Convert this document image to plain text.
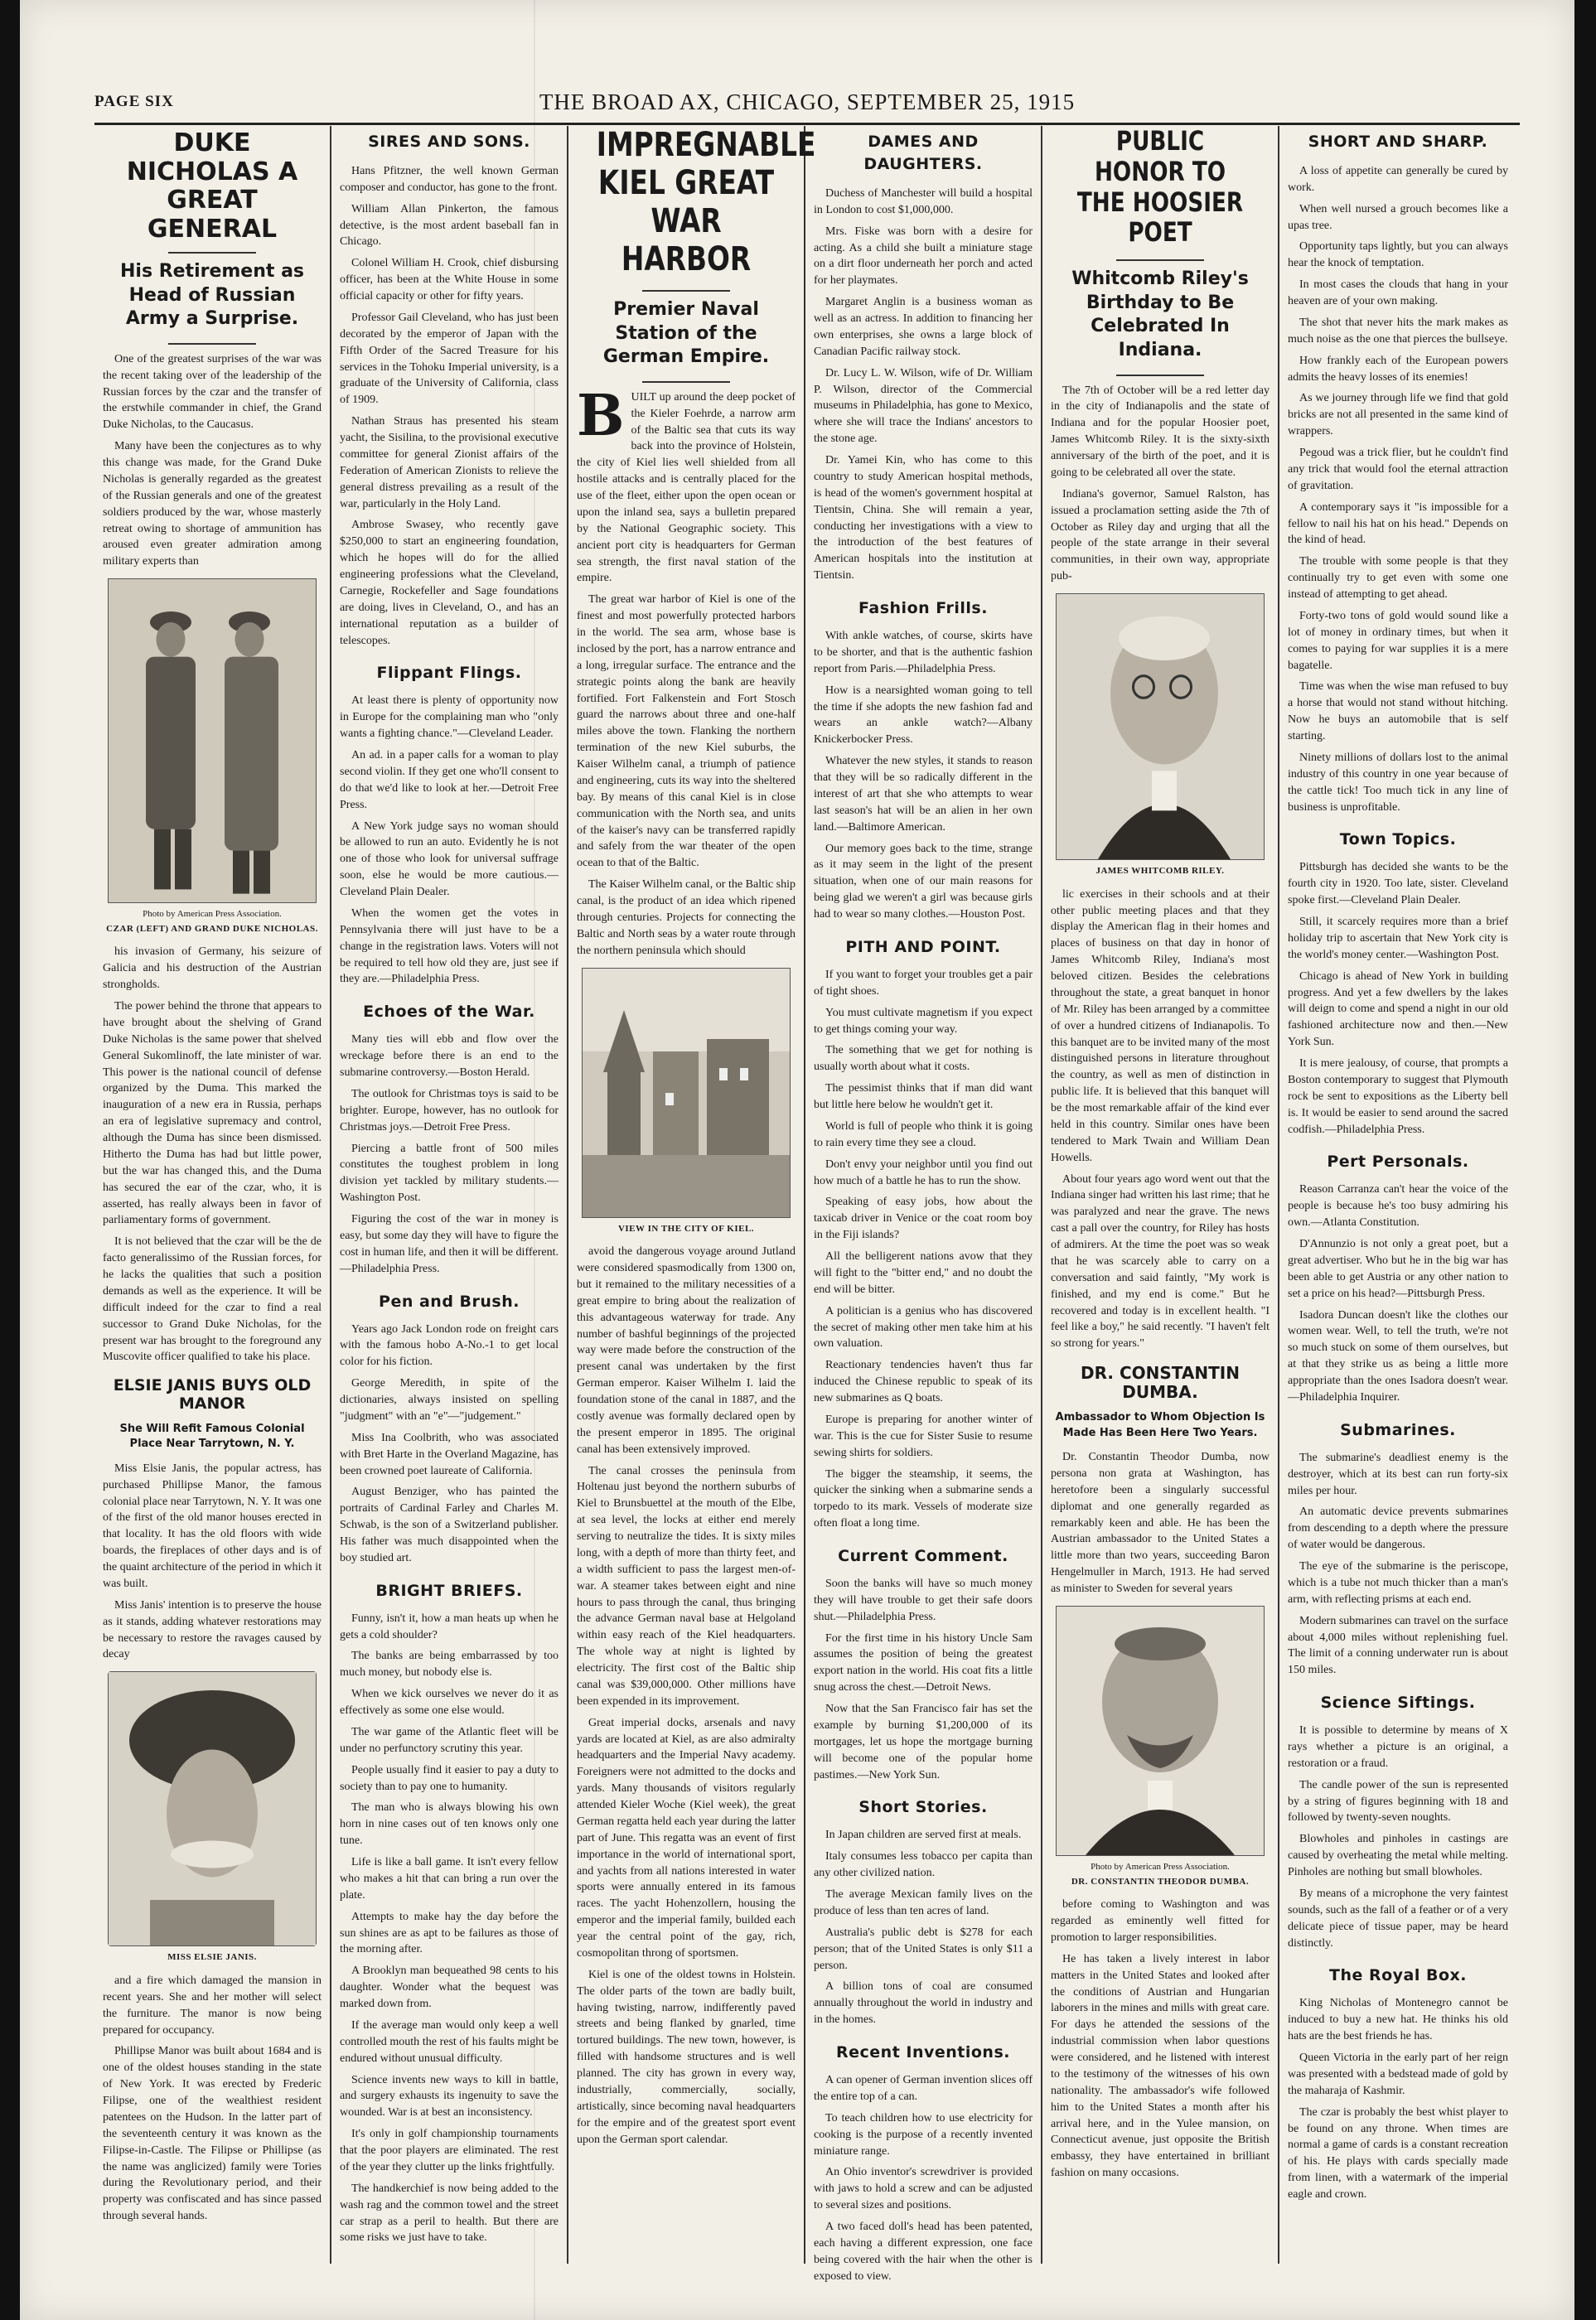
PAGE SIX	THE BROAD AX, CHICAGO, SEPTEMBER 25, 1915
DUKE NICHOLAS A GREAT GENERAL
His Retirement as Head of Russian Army a Surprise.

One of the greatest surprises of the war was the recent taking over of the leadership of the Russian forces by the czar and the transfer of the erstwhile commander in chief, the Grand Duke Nicholas, to the Caucasus.

Many have been the conjectures as to why this change was made, for the Grand Duke Nicholas is generally regarded as the greatest of the Russian generals and one of the greatest soldiers produced by the war, whose masterly retreat owing to shortage of ammunition has aroused even greater admiration among military experts than

Photo by American Press Association.
CZAR (LEFT) AND GRAND DUKE NICHOLAS.

his invasion of Germany, his seizure of Galicia and his destruction of the Austrian strongholds.

The power behind the throne that appears to have brought about the shelving of Grand Duke Nicholas is the same power that shelved General Sukomlinoff, the late minister of war. This power is the national council of defense organized by the Duma. This marked the inauguration of a new era in Russia, perhaps an era of legislative supremacy and control, although the Duma has since been dismissed. Hitherto the Duma has had but little power, but the war has changed this, and the Duma has secured the ear of the czar, who, it is asserted, has really always been in favor of parliamentary forms of government.

It is not believed that the czar will be the de facto generalissimo of the Russian forces, for he lacks the qualities that such a position demands as well as the experience. It will be difficult indeed for the czar to find a real successor to Grand Duke Nicholas, for the present war has brought to the foreground any Muscovite officer qualified to take his place.

ELSIE JANIS BUYS OLD MANOR
She Will Refit Famous Colonial Place Near Tarrytown, N. Y.

Miss Elsie Janis, the popular actress, has purchased Phillipse Manor, the famous colonial place near Tarrytown, N. Y. It was one of the first of the old manor houses erected in that locality. It has the old floors with wide boards, the fireplaces of other days and is of the quaint architecture of the period in which it was built.

Miss Janis' intention is to preserve the house as it stands, adding whatever restorations may be necessary to restore the ravages caused by decay

MISS ELSIE JANIS.

and a fire which damaged the mansion in recent years. She and her mother will select the furniture. The manor is now being prepared for occupancy.

Phillipse Manor was built about 1684 and is one of the oldest houses standing in the state of New York. It was erected by Frederic Filipse, one of the wealthiest resident patentees on the Hudson. In the latter part of the seventeenth century it was known as the Filipse-in-Castle. The Filipse or Phillipse (as the name was anglicized) family were Tories during the Revolutionary period, and their property was confiscated and has since passed through several hands.

SIRES AND SONS.

Hans Pfitzner, the well known German composer and conductor, has gone to the front.

William Allan Pinkerton, the famous detective, is the most ardent baseball fan in Chicago.

Colonel William H. Crook, chief disbursing officer, has been at the White House in some official capacity or other for fifty years.

Professor Gail Cleveland, who has just been decorated by the emperor of Japan with the Fifth Order of the Sacred Treasure for his services in the Tohoku Imperial university, is a graduate of the University of California, class of 1909.

Nathan Straus has presented his steam yacht, the Sisilina, to the provisional executive committee for general Zionist affairs of the Federation of American Zionists to relieve the general distress prevailing as a result of the war, particularly in the Holy Land.

Ambrose Swasey, who recently gave $250,000 to start an engineering foundation, which he hopes will do for the allied engineering professions what the Cleveland, Carnegie, Rockefeller and Sage foundations are doing, lives in Cleveland, O., and has an international reputation as a builder of telescopes.

Flippant Flings.

At least there is plenty of opportunity now in Europe for the complaining man who "only wants a fighting chance."—Cleveland Leader.

An ad. in a paper calls for a woman to play second violin. If they get one who'll consent to do that we'd like to look at her.—Detroit Free Press.

A New York judge says no woman should be allowed to run an auto. Evidently he is not one of those who look for universal suffrage soon, else he would be more cautious.—Cleveland Plain Dealer.

When the women get the votes in Pennsylvania there will just have to be a change in the registration laws. Voters will not be required to tell how old they are, just see if they are.—Philadelphia Press.

Echoes of the War.

Many ties will ebb and flow over the wreckage before there is an end to the submarine controversy.—Boston Herald.

The outlook for Christmas toys is said to be brighter. Europe, however, has no outlook for Christmas joys.—Detroit Free Press.

Piercing a battle front of 500 miles constitutes the toughest problem in long division yet tackled by military students.—Washington Post.

Figuring the cost of the war in money is easy, but some day they will have to figure the cost in human life, and then it will be different.—Philadelphia Press.

Pen and Brush.

Years ago Jack London rode on freight cars with the famous hobo A-No.-1 to get local color for his fiction.

George Meredith, in spite of the dictionaries, always insisted on spelling "judgment" with an "e"—"judgement."

Miss Ina Coolbrith, who was associated with Bret Harte in the Overland Magazine, has been crowned poet laureate of California.

August Benziger, who has painted the portraits of Cardinal Farley and Charles M. Schwab, is the son of a Switzerland publisher. His father was much disappointed when the boy studied art.

BRIGHT BRIEFS.

Funny, isn't it, how a man heats up when he gets a cold shoulder?

The banks are being embarrassed by too much money, but nobody else is.

When we kick ourselves we never do it as effectively as some one else would.

The war game of the Atlantic fleet will be under no perfunctory scrutiny this year.

People usually find it easier to pay a duty to society than to pay one to humanity.

The man who is always blowing his own horn in nine cases out of ten knows only one tune.

Life is like a ball game. It isn't every fellow who makes a hit that can bring a run over the plate.

Attempts to make hay the day before the sun shines are as apt to be failures as those of the morning after.

A Brooklyn man bequeathed 98 cents to his daughter. Wonder what the bequest was marked down from.

If the average man would only keep a well controlled mouth the rest of his faults might be endured without unusual difficulty.

Science invents new ways to kill in battle, and surgery exhausts its ingenuity to save the wounded. War is at best an inconsistency.

It's only in golf championship tournaments that the poor players are eliminated. The rest of the year they clutter up the links frightfully.

The handkerchief is now being added to the wash rag and the common towel and the street car strap as a peril to health. But there are some risks we just have to take.

IMPREGNABLE KIEL GREAT WAR HARBOR
Premier Naval Station of the German Empire.
B UILT up around the deep pocket of the Kieler Foehrde, a narrow arm of the Baltic sea that cuts its way back into the province of Holstein, the city of Kiel lies well shielded from all hostile attacks and is centrally placed for the use of the fleet, either upon the open ocean or upon the inland sea, says a bulletin prepared by the National Geographic society. This ancient port city is headquarters for German sea strength, the first naval station of the empire.

The great war harbor of Kiel is one of the finest and most powerfully protected harbors in the world. The sea arm, whose base is inclosed by the port, has a narrow entrance and a long, irregular surface. The entrance and the strategic points along the bank are heavily fortified. Fort Falkenstein and Fort Stosch guard the narrows about three and one-half miles above the town. Flanking the northern termination of the new Kiel suburbs, the Kaiser Wilhelm canal, a triumph of patience and engineering, cuts its way into the sheltered bay. By means of this canal Kiel is in close communication with the North sea, and units of the kaiser's navy can be transferred rapidly and safely from the war theater of the open ocean to that of the Baltic.

The Kaiser Wilhelm canal, or the Baltic ship canal, is the product of an idea which ripened through centuries. Projects for connecting the Baltic and North seas by a water route through the northern peninsula which should

VIEW IN THE CITY OF KIEL.

avoid the dangerous voyage around Jutland were considered spasmodically from 1300 on, but it remained to the military necessities of a great empire to bring about the realization of this advantageous waterway for trade. Any number of bashful beginnings of the projected way were made before the construction of the present canal was undertaken by the first German emperor. Kaiser Wilhelm I. laid the foundation stone of the canal in 1887, and the costly avenue was formally declared open by the present emperor in 1895. The original canal has been extensively improved.

The canal crosses the peninsula from Holtenau just beyond the northern suburbs of Kiel to Brunsbuettel at the mouth of the Elbe, at sea level, the locks at either end merely serving to neutralize the tides. It is sixty miles long, with a depth of more than thirty feet, and a width sufficient to pass the largest men-of-war. A steamer takes between eight and nine hours to pass through the canal, thus bringing the advance German naval base at Helgoland within easy reach of the Kiel headquarters. The whole way at night is lighted by electricity. The first cost of the Baltic ship canal was $39,000,000. Other millions have been expended in its improvement.

Great imperial docks, arsenals and navy yards are located at Kiel, as are also admiralty headquarters and the Imperial Navy academy. Foreigners were not admitted to the docks and yards. Many thousands of visitors regularly attended Kieler Woche (Kiel week), the great German regatta held each year during the latter part of June. This regatta was an event of first importance in the world of international sport, and yachts from all nations interested in water sports were annually entered in its famous races. The yacht Hohenzollern, housing the emperor and the imperial family, builded each year the central point of the gay, rich, cosmopolitan throng of sportsmen.

Kiel is one of the oldest towns in Holstein. The older parts of the town are badly built, having twisting, narrow, indifferently paved streets and being flanked by gnarled, time tortured buildings. The new town, however, is filled with handsome structures and is well planned. The city has grown in every way, industrially, commercially, socially, artistically, since becoming naval headquarters for the empire and of the greatest sport event upon the German sport calendar.

DAMES AND DAUGHTERS.

Duchess of Manchester will build a hospital in London to cost $1,000,000.

Mrs. Fiske was born with a desire for acting. As a child she built a miniature stage on a dirt floor underneath her porch and acted for her playmates.

Margaret Anglin is a business woman as well as an actress. In addition to financing her own enterprises, she owns a large block of Canadian Pacific railway stock.

Dr. Lucy L. W. Wilson, wife of Dr. William P. Wilson, director of the Commercial museums in Philadelphia, has gone to Mexico, where she will trace the Indians' ancestors to the stone age.

Dr. Yamei Kin, who has come to this country to study American hospital methods, is head of the women's government hospital at Tientsin, China. She will remain a year, conducting her investigations with a view to the introduction of the best features of American hospitals into the institution at Tientsin.

Fashion Frills.

With ankle watches, of course, skirts have to be shorter, and that is the authentic fashion report from Paris.—Philadelphia Press.

How is a nearsighted woman going to tell the time if she adopts the new fashion fad and wears an ankle watch?—Albany Knickerbocker Press.

Whatever the new styles, it stands to reason that they will be so radically different in the interest of art that she who attempts to wear last season's hat will be an alien in her own land.—Baltimore American.

Our memory goes back to the time, strange as it may seem in the light of the present situation, when one of our main reasons for being glad we weren't a girl was because girls had to wear so many clothes.—Houston Post.

PITH AND POINT.

If you want to forget your troubles get a pair of tight shoes.

You must cultivate magnetism if you expect to get things coming your way.

The something that we get for nothing is usually worth about what it costs.

The pessimist thinks that if man did want but little here below he wouldn't get it.

World is full of people who think it is going to rain every time they see a cloud.

Don't envy your neighbor until you find out how much of a battle he has to run the show.

Speaking of easy jobs, how about the taxicab driver in Venice or the coat room boy in the Fiji islands?

All the belligerent nations avow that they will fight to the "bitter end," and no doubt the end will be bitter.

A politician is a genius who has discovered the secret of making other men take him at his own valuation.

Reactionary tendencies haven't thus far induced the Chinese republic to speak of its new submarines as Q boats.

Europe is preparing for another winter of war. This is the cue for Sister Susie to resume sewing shirts for soldiers.

The bigger the steamship, it seems, the quicker the sinking when a submarine sends a torpedo to its mark. Vessels of moderate size often float a long time.

Current Comment.

Soon the banks will have so much money they will have trouble to get their safe doors shut.—Philadelphia Press.

For the first time in his history Uncle Sam assumes the position of being the greatest export nation in the world. His coat fits a little snug across the chest.—Detroit News.

Now that the San Francisco fair has set the example by burning $1,200,000 of its mortgages, let us hope the mortgage burning will become one of the popular home pastimes.—New York Sun.

Short Stories.

In Japan children are served first at meals.

Italy consumes less tobacco per capita than any other civilized nation.

The average Mexican family lives on the produce of less than ten acres of land.

Australia's public debt is $278 for each person; that of the United States is only $11 a person.

A billion tons of coal are consumed annually throughout the world in industry and in the homes.

Recent Inventions.

A can opener of German invention slices off the entire top of a can.

To teach children how to use electricity for cooking is the purpose of a recently invented miniature range.

An Ohio inventor's screwdriver is provided with jaws to hold a screw and can be adjusted to several sizes and positions.

A two faced doll's head has been patented, each having a different expression, one face being covered with the hair when the other is exposed to view.

PUBLIC HONOR TO THE HOOSIER POET
Whitcomb Riley's Birthday to Be Celebrated In Indiana.

The 7th of October will be a red letter day in the city of Indianapolis and the state of Indiana and for the popular Hoosier poet, James Whitcomb Riley. It is the sixty-sixth anniversary of the birth of the poet, and it is going to be celebrated all over the state.

Indiana's governor, Samuel Ralston, has issued a proclamation setting aside the 7th of October as Riley day and urging that all the people of the state arrange in their several communities, in their own way, appropriate pub-

JAMES WHITCOMB RILEY.

lic exercises in their schools and at their other public meeting places and that they display the American flag in their homes and places of business on that day in honor of James Whitcomb Riley, Indiana's most beloved citizen. Besides the celebrations throughout the state, a great banquet in honor of Mr. Riley has been arranged by a committee of over a hundred citizens of Indianapolis. To this banquet are to be invited many of the most distinguished persons in literature throughout the country, as well as men of distinction in public life. It is believed that this banquet will be the most remarkable affair of the kind ever held in this country. Similar ones have been tendered to Mark Twain and William Dean Howells.

About four years ago word went out that the Indiana singer had written his last rime; that he was paralyzed and near the grave. The news cast a pall over the country, for Riley has hosts of admirers. At the time the poet was so weak that he was scarcely able to carry on a conversation and said faintly, "My work is finished, and my end is come." But he recovered and today is in excellent health. "I feel like a boy," he said recently. "I haven't felt so strong for years."

DR. CONSTANTIN DUMBA.
Ambassador to Whom Objection Is Made Has Been Here Two Years.

Dr. Constantin Theodor Dumba, now persona non grata at Washington, has heretofore been a singularly successful diplomat and one generally regarded as remarkably keen and able. He has been the Austrian ambassador to the United States a little more than two years, succeeding Baron Hengelmuller in March, 1913. He had served as minister to Sweden for several years

Photo by American Press Association.
DR. CONSTANTIN THEODOR DUMBA.

before coming to Washington and was regarded as eminently well fitted for promotion to larger responsibilities.

He has taken a lively interest in labor matters in the United States and looked after the conditions of Austrian and Hungarian laborers in the mines and mills with great care. For days he attended the sessions of the industrial commission when labor questions were considered, and he listened with interest to the testimony of the witnesses of his own nationality. The ambassador's wife followed him to the United States a month after his arrival here, and in the Yulee mansion, on Connecticut avenue, just opposite the British embassy, they have entertained in brilliant fashion on many occasions.

SHORT AND SHARP.

A loss of appetite can generally be cured by work.

When well nursed a grouch becomes like a upas tree.

Opportunity taps lightly, but you can always hear the knock of temptation.

In most cases the clouds that hang in your heaven are of your own making.

The shot that never hits the mark makes as much noise as the one that pierces the bullseye.

How frankly each of the European powers admits the heavy losses of its enemies!

As we journey through life we find that gold bricks are not all presented in the same kind of wrappers.

Pegoud was a trick flier, but he couldn't find any trick that would fool the eternal attraction of gravitation.

A contemporary says it "is impossible for a fellow to nail his hat on his head." Depends on the kind of head.

The trouble with some people is that they continually try to get even with some one instead of attempting to get ahead.

Forty-two tons of gold would sound like a lot of money in ordinary times, but when it comes to paying for war supplies it is a mere bagatelle.

Time was when the wise man refused to buy a horse that would not stand without hitching. Now he buys an automobile that is self starting.

Ninety millions of dollars lost to the animal industry of this country in one year because of the cattle tick! Too much tick in any line of business is unprofitable.

Town Topics.

Pittsburgh has decided she wants to be the fourth city in 1920. Too late, sister. Cleveland spoke first.—Cleveland Plain Dealer.

Still, it scarcely requires more than a brief holiday trip to ascertain that New York city is the world's money center.—Washington Post.

Chicago is ahead of New York in building progress. And yet a few dwellers by the lakes will deign to come and spend a night in our old fashioned architecture now and then.—New York Sun.

It is mere jealousy, of course, that prompts a Boston contemporary to suggest that Plymouth rock be sent to expositions as the Liberty bell is. It would be easier to send around the sacred codfish.—Philadelphia Press.

Pert Personals.

Reason Carranza can't hear the voice of the people is because he's too busy admiring his own.—Atlanta Constitution.

D'Annunzio is not only a great poet, but a great advertiser. Who but he in the big war has been able to get Austria or any other nation to set a price on his head?—Pittsburgh Press.

Isadora Duncan doesn't like the clothes our women wear. Well, to tell the truth, we're not so much stuck on some of them ourselves, but at that they strike us as being a little more appropriate than the ones Isadora doesn't wear.—Philadelphia Inquirer.

Submarines.

The submarine's deadliest enemy is the destroyer, which at its best can run forty-six miles per hour.

An automatic device prevents submarines from descending to a depth where the pressure of water would be dangerous.

The eye of the submarine is the periscope, which is a tube not much thicker than a man's arm, with reflecting prisms at each end.

Modern submarines can travel on the surface about 4,000 miles without replenishing fuel. The limit of a conning underwater run is about 150 miles.

Science Siftings.

It is possible to determine by means of X rays whether a picture is an original, a restoration or a fraud.

The candle power of the sun is represented by a string of figures beginning with 18 and followed by twenty-seven noughts.

Blowholes and pinholes in castings are caused by overheating the metal while melting. Pinholes are nothing but small blowholes.

By means of a microphone the very faintest sounds, such as the fall of a feather or of a very delicate piece of tissue paper, may be heard distinctly.

The Royal Box.

King Nicholas of Montenegro cannot be induced to buy a new hat. He thinks his old hats are the best friends he has.

Queen Victoria in the early part of her reign was presented with a bedstead made of gold by the maharaja of Kashmir.

The czar is probably the best whist player to be found on any throne. When times are normal a game of cards is a constant recreation of his. He plays with cards specially made from linen, with a watermark of the imperial eagle and crown.
